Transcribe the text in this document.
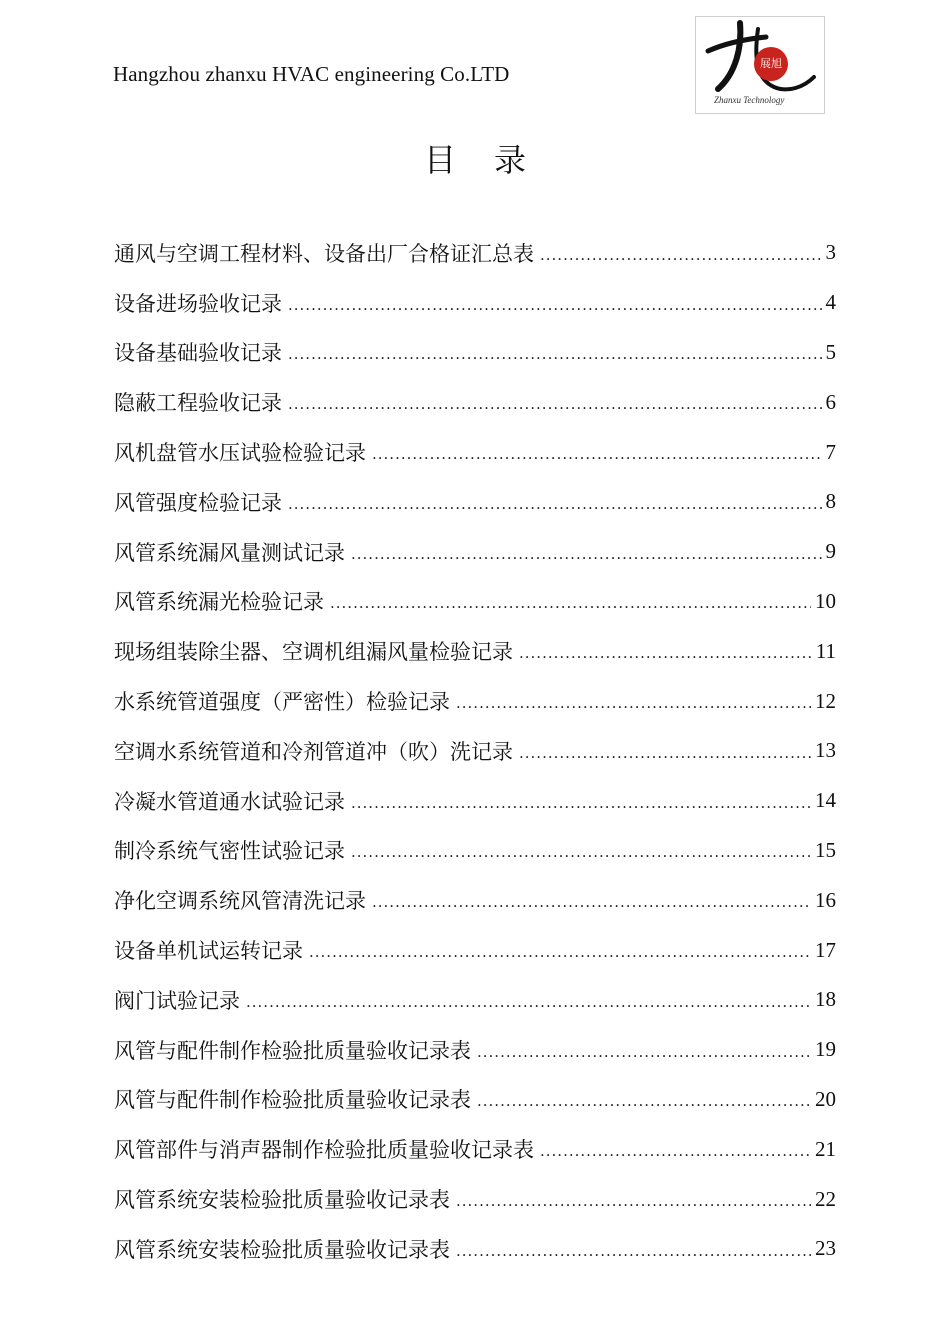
Hangzhou zhanxu HVAC engineering Co.LTD	展旭
Zhanxu Technology
目录
通风与空调工程材料、设备出厂合格证汇总表 .....	3
设备进场验收记录 .....	4
设备基础验收记录 .....	5
隐蔽工程验收记录 .....	6
风机盘管水压试验检验记录 .....	7
风管强度检验记录 .....	8
风管系统漏风量测试记录 .....	9
风管系统漏光检验记录 .....	10
现场组装除尘器、空调机组漏风量检验记录 .....	11
水系统管道强度（严密性）检验记录 .....	12
空调水系统管道和冷剂管道冲（吹）洗记录 .....	13
冷凝水管道通水试验记录 .....	14
制冷系统气密性试验记录 .....	15
净化空调系统风管清洗记录 .....	16
设备单机试运转记录 .....	17
阀门试验记录 .....	18
风管与配件制作检验批质量验收记录表 .....	19
风管与配件制作检验批质量验收记录表 .....	20
风管部件与消声器制作检验批质量验收记录表 .....	21
风管系统安装检验批质量验收记录表 .....	22
风管系统安装检验批质量验收记录表 .....	23
